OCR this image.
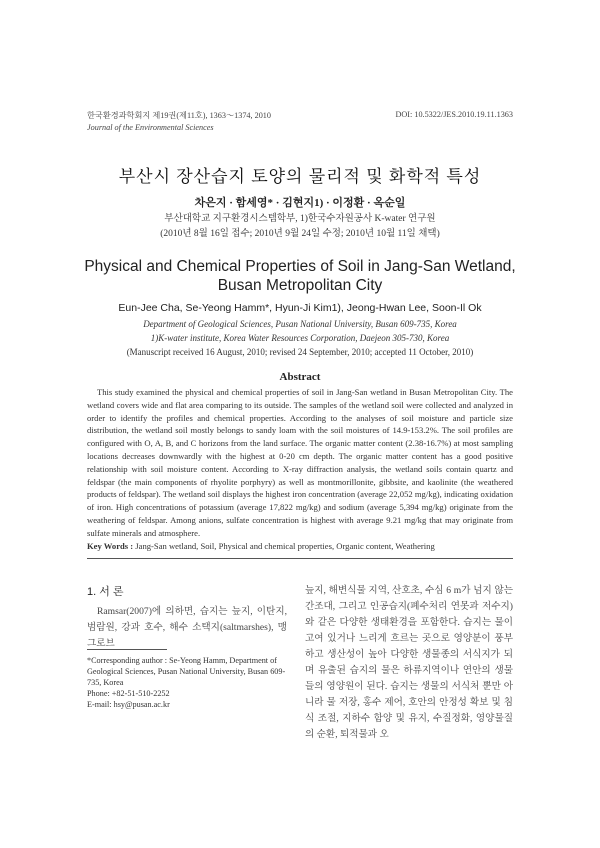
한국환경과학회지 제19권(제11호), 1363～1374, 2010
Journal of the Environmental Sciences
DOI: 10.5322/JES.2010.19.11.1363
부산시 장산습지 토양의 물리적 및 화학적 특성
차은지 · 함세영* · 김현지1) · 이정환 · 옥순일
부산대학교 지구환경시스템학부, 1)한국수자원공사 K-water 연구원
(2010년 8월 16일 접수; 2010년 9월 24일 수정; 2010년 10월 11일 채택)
Physical and Chemical Properties of Soil in Jang-San Wetland,
Busan Metropolitan City
Eun-Jee Cha, Se-Yeong Hamm*, Hyun-Ji Kim1), Jeong-Hwan Lee, Soon-Il Ok
Department of Geological Sciences, Pusan National University, Busan 609-735, Korea
1)K-water institute, Korea Water Resources Corporation, Daejeon 305-730, Korea
(Manuscript received 16 August, 2010; revised 24 September, 2010; accepted 11 October, 2010)
Abstract
This study examined the physical and chemical properties of soil in Jang-San wetland in Busan Metropolitan City. The wetland covers wide and flat area comparing to its outside. The samples of the wetland soil were collected and analyzed in order to identify the profiles and chemical properties. According to the analyses of soil moisture and particle size distribution, the wetland soil mostly belongs to sandy loam with the soil moistures of 14.9-153.2%. The soil profiles are configured with O, A, B, and C horizons from the land surface. The organic matter content (2.38-16.7%) at most sampling locations decreases downwardly with the highest at 0-20 cm depth. The organic matter content has a good positive relationship with soil moisture content. According to X-ray diffraction analysis, the wetland soils contain quartz and feldspar (the main components of rhyolite porphyry) as well as montmorillonite, gibbsite, and kaolinite (the weathered products of feldspar). The wetland soil displays the highest iron concentration (average 22,052 mg/kg), indicating oxidation of iron. High concentrations of potassium (average 17,822 mg/kg) and sodium (average 5,394 mg/kg) originate from the weathering of feldspar. Among anions, sulfate concentration is highest with average 9.21 mg/kg that may originate from sulfate minerals and atmosphere.
Key Words : Jang-San wetland, Soil, Physical and chemical properties, Organic content, Weathering
1. 서 론
Ramsar(2007)에 의하면, 습지는 늪지, 이탄지, 범람원, 강과 호수, 해수 소택지(saltmarshes), 맹그로브
*Corresponding author : Se-Yeong Hamm, Department of Geological Sciences, Pusan National University, Busan 609-735, Korea
Phone: +82-51-510-2252
E-mail: hsy@pusan.ac.kr
늪지, 해변식물 지역, 산호초, 수심 6 m가 넘지 않는 간조대, 그리고 인공습지(폐수처리 연못과 저수지)와 같은 다양한 생태환경을 포함한다. 습지는 물이 고여 있거나 느리게 흐르는 곳으로 영양분이 풍부하고 생산성이 높아 다양한 생물종의 서식지가 되며 유출된 습지의 물은 하류지역이나 연안의 생물들의 영양원이 된다. 습지는 생물의 서식처 뿐만 아니라 물 저장, 홍수 제어, 호안의 안정성 확보 및 침식 조절, 지하수 함양 및 유지, 수질정화, 영양물질의 순환, 퇴적물과 오
